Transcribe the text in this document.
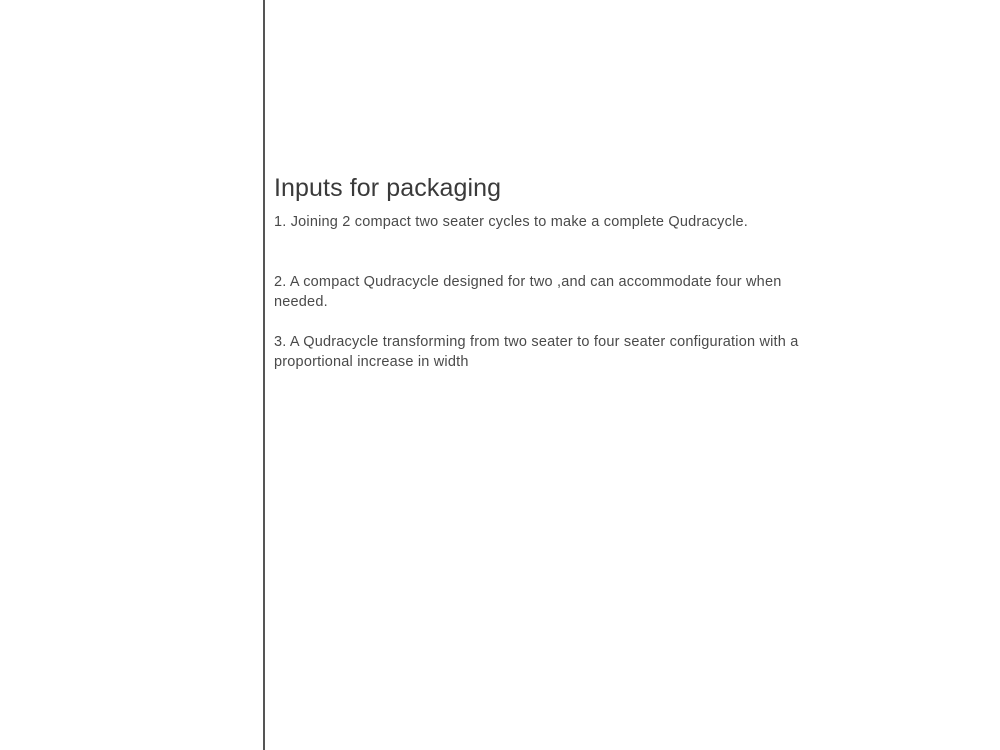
Inputs for packaging

1. Joining 2 compact two seater cycles to make a complete Qudracycle.

2. A compact Qudracycle designed for two ,and can accommodate four when needed.

3. A Qudracycle transforming from two seater to four seater configuration with a proportional increase in width
